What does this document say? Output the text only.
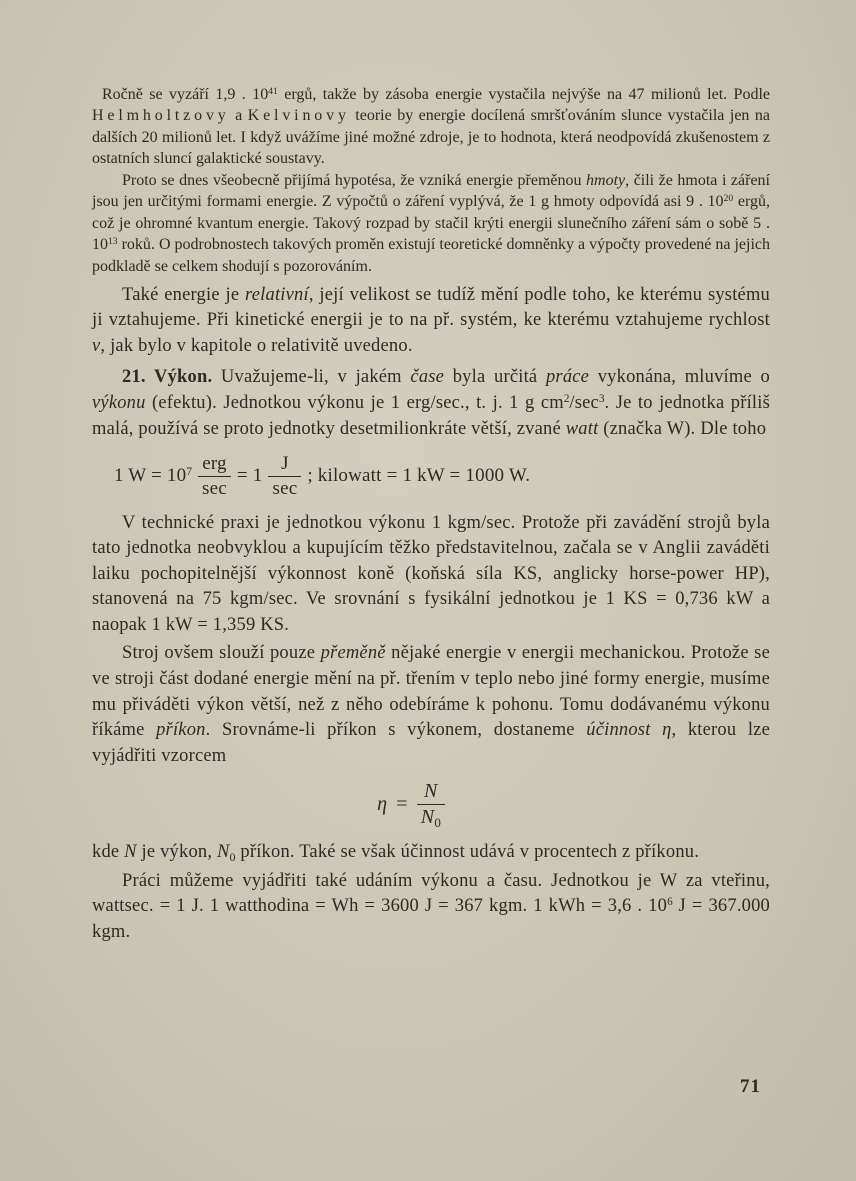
Ročně se vyzáří 1,9 . $10^{41}$ ergů, takže by zásoba energie vystačila nejvýše na 47 milionů let. Podle Helmholtzovy a Kelvinovy teorie by energie docílená smršťováním slunce vystačila jen na dalších 20 milionů let. I když uvážíme jiné možné zdroje, je to hodnota, která neodpovídá zkušenostem z ostatních sluncí galaktické soustavy.

Proto se dnes všeobecně přijímá hypotésa, že vzniká energie přeměnou hmoty, čili že hmota i záření jsou jen určitými formami energie. Z výpočtů o záření vyplývá, že 1 g hmoty odpovídá asi 9 . $10^{20}$ ergů, což je ohromné kvantum energie. Takový rozpad by stačil krýti energii slunečního záření sám o sobě 5 . $10^{13}$ roků. O podrobnostech takových proměn existují teoretické domněnky a výpočty provedené na jejich podkladě se celkem shodují s pozorováním.

Také energie je relativní, její velikost se tudíž mění podle toho, ke kterému systému ji vztahujeme. Při kinetické energii je to na př. systém, ke kterému vztahujeme rychlost v, jak bylo v kapitole o relativitě uvedeno.

21. Výkon. Uvažujeme-li, v jakém čase byla určitá práce vykonána, mluvíme o výkonu (efektu). Jednotkou výkonu je 1 erg/sec., t. j. 1 g $cm^2/\sec^3$. Je to jednotka příliš malá, používá se proto jednotky desetmilionkráte větší, zvané watt (značka W). Dle toho

1 $W = 10^7 \frac{\text{erg}}{\sec} = 1 \frac{J}{\sec}$ ; kilowatt = 1 kW = 1000 W.

V technické praxi je jednotkou výkonu 1 kgm/sec. Protože při zavádění strojů byla tato jednotka neobvyklou a kupujícím těžko představitelnou, začala se v Anglii zaváděti laiku pochopitelnější výkonnost koně (koňská síla KS, anglicky horse-power HP), stanovená na 75 kgm/sec. Ve srovnání s fysikální jednotkou je 1 KS = 0,736 kW a naopak 1 kW = 1,359 KS.

Stroj ovšem slouží pouze přeměně nějaké energie v energii mechanickou. Protože se ve stroji část dodané energie mění na př. třením v teplo nebo jiné formy energie, musíme mu přiváděti výkon větší, než z něho odebíráme k pohonu. Tomu dodávanému výkonu říkáme příkon. Srovnáme-li příkon s výkonem, dostaneme účinnost η, kterou lze vyjádřiti vzorcem

$\eta = \frac{N}{N0}$

kde N je výkon, N0 příkon. Také se však účinnost udává v procentech z příkonu.

Práci můžeme vyjádřiti také udáním výkonu a času. Jednotkou je W za vteřinu, wattsec. = 1 J. 1 watthodina = Wh = 3600 J = 367 kgm. 1 kWh = 3,6 . $10^6$ J = 367.000 kgm.

71
